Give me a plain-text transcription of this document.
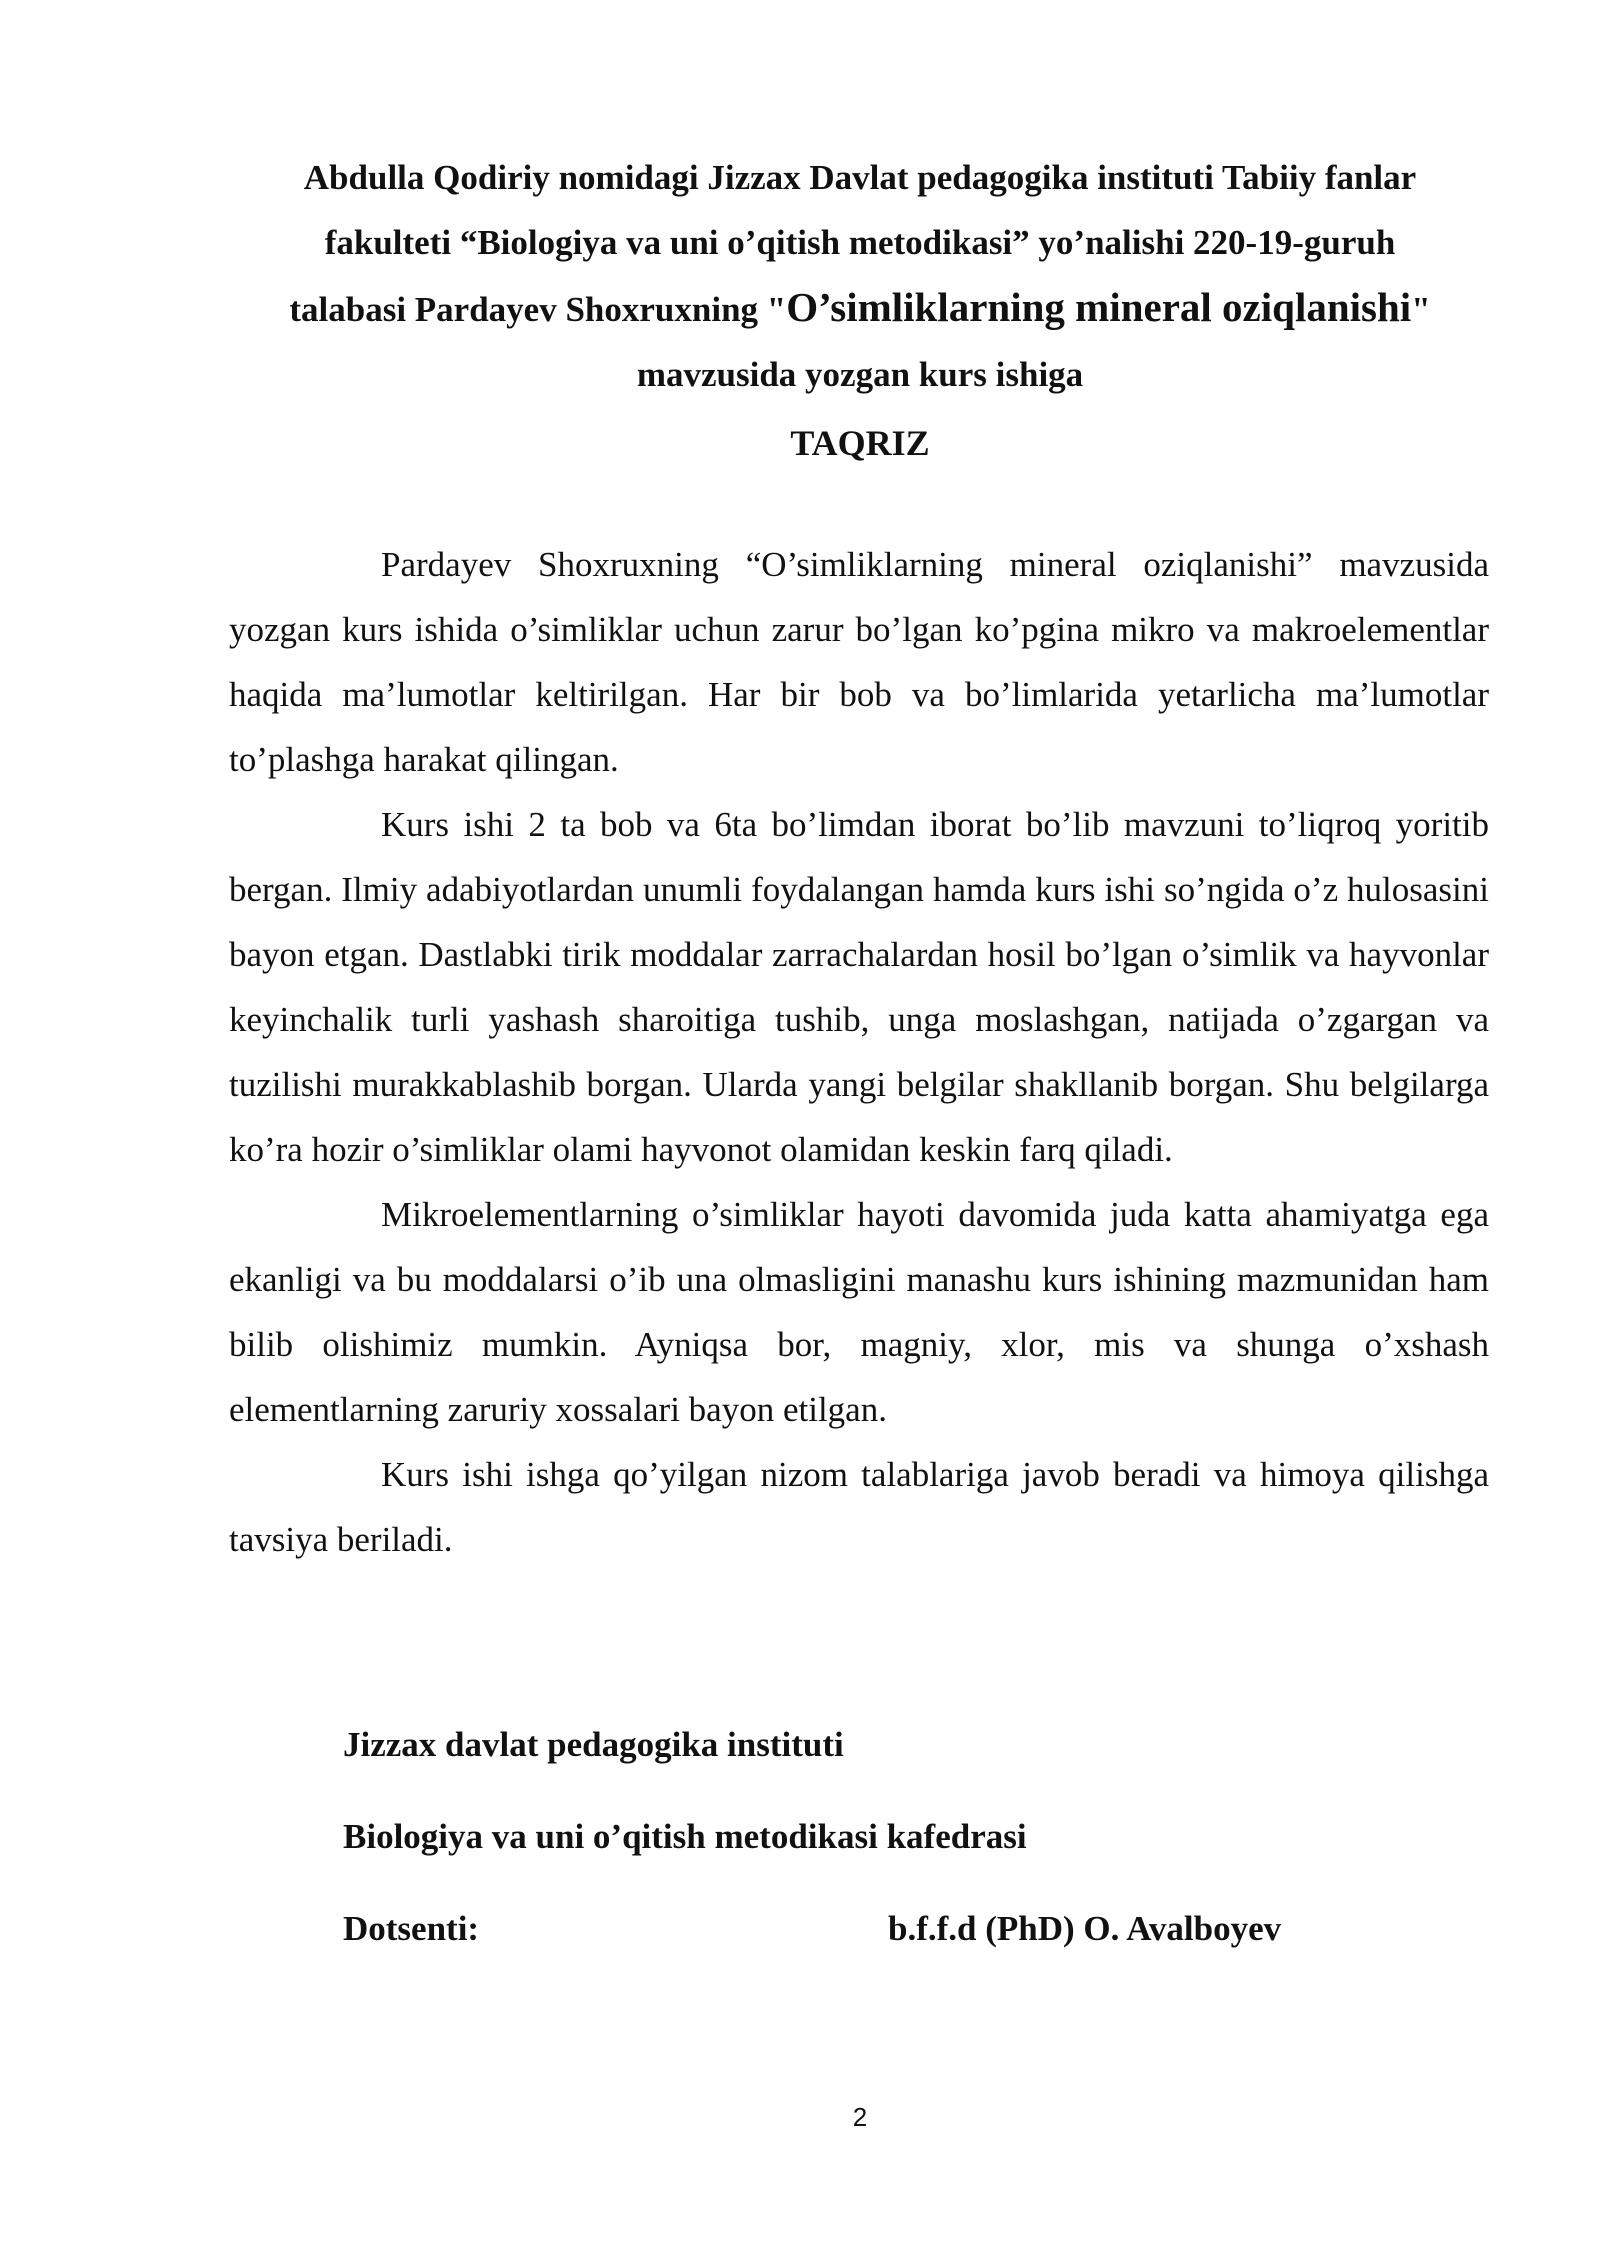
Abdulla Qodiriy nomidagi Jizzax Davlat pedagogika instituti Tabiiy fanlar
fakulteti “Biologiya va uni o’qitish metodikasi” yo’nalishi 220-19-guruh
talabasi Pardayev Shoxruxning "O’simliklarning mineral oziqlanishi"
mavzusida yozgan kurs ishiga
TAQRIZ

Pardayev Shoxruxning “O’simliklarning mineral oziqlanishi” mavzusida yozgan kurs ishida o’simliklar uchun zarur bo’lgan ko’pgina mikro va makroelementlar haqida ma’lumotlar keltirilgan. Har bir bob va bo’limlarida yetarlicha ma’lumotlar to’plashga harakat qilingan.

Kurs ishi 2 ta bob va 6ta bo’limdan iborat bo’lib mavzuni to’liqroq yoritib bergan. Ilmiy adabiyotlardan unumli foydalangan hamda kurs ishi so’ngida o’z hulosasini bayon etgan. Dastlabki tirik moddalar zarrachalardan hosil bo’lgan o’simlik va hayvonlar keyinchalik turli yashash sharoitiga tushib, unga moslashgan, natijada o’zgargan va tuzilishi murakkablashib borgan. Ularda yangi belgilar shakllanib borgan. Shu belgilarga ko’ra hozir o’simliklar olami hayvonot olamidan keskin farq qiladi.

Mikroelementlarning o’simliklar hayoti davomida juda katta ahamiyatga ega ekanligi va bu moddalarsi o’ib una olmasligini manashu kurs ishining mazmunidan ham bilib olishimiz mumkin. Ayniqsa bor, magniy, xlor, mis va shunga o’xshash elementlarning zaruriy xossalari bayon etilgan.

Kurs ishi ishga qo’yilgan nizom talablariga javob beradi va himoya qilishga tavsiya beriladi.

Jizzax davlat pedagogika instituti
Biologiya va uni o’qitish metodikasi kafedrasi
Dotsenti:	b.f.f.d (PhD) O. Avalboyev
2
